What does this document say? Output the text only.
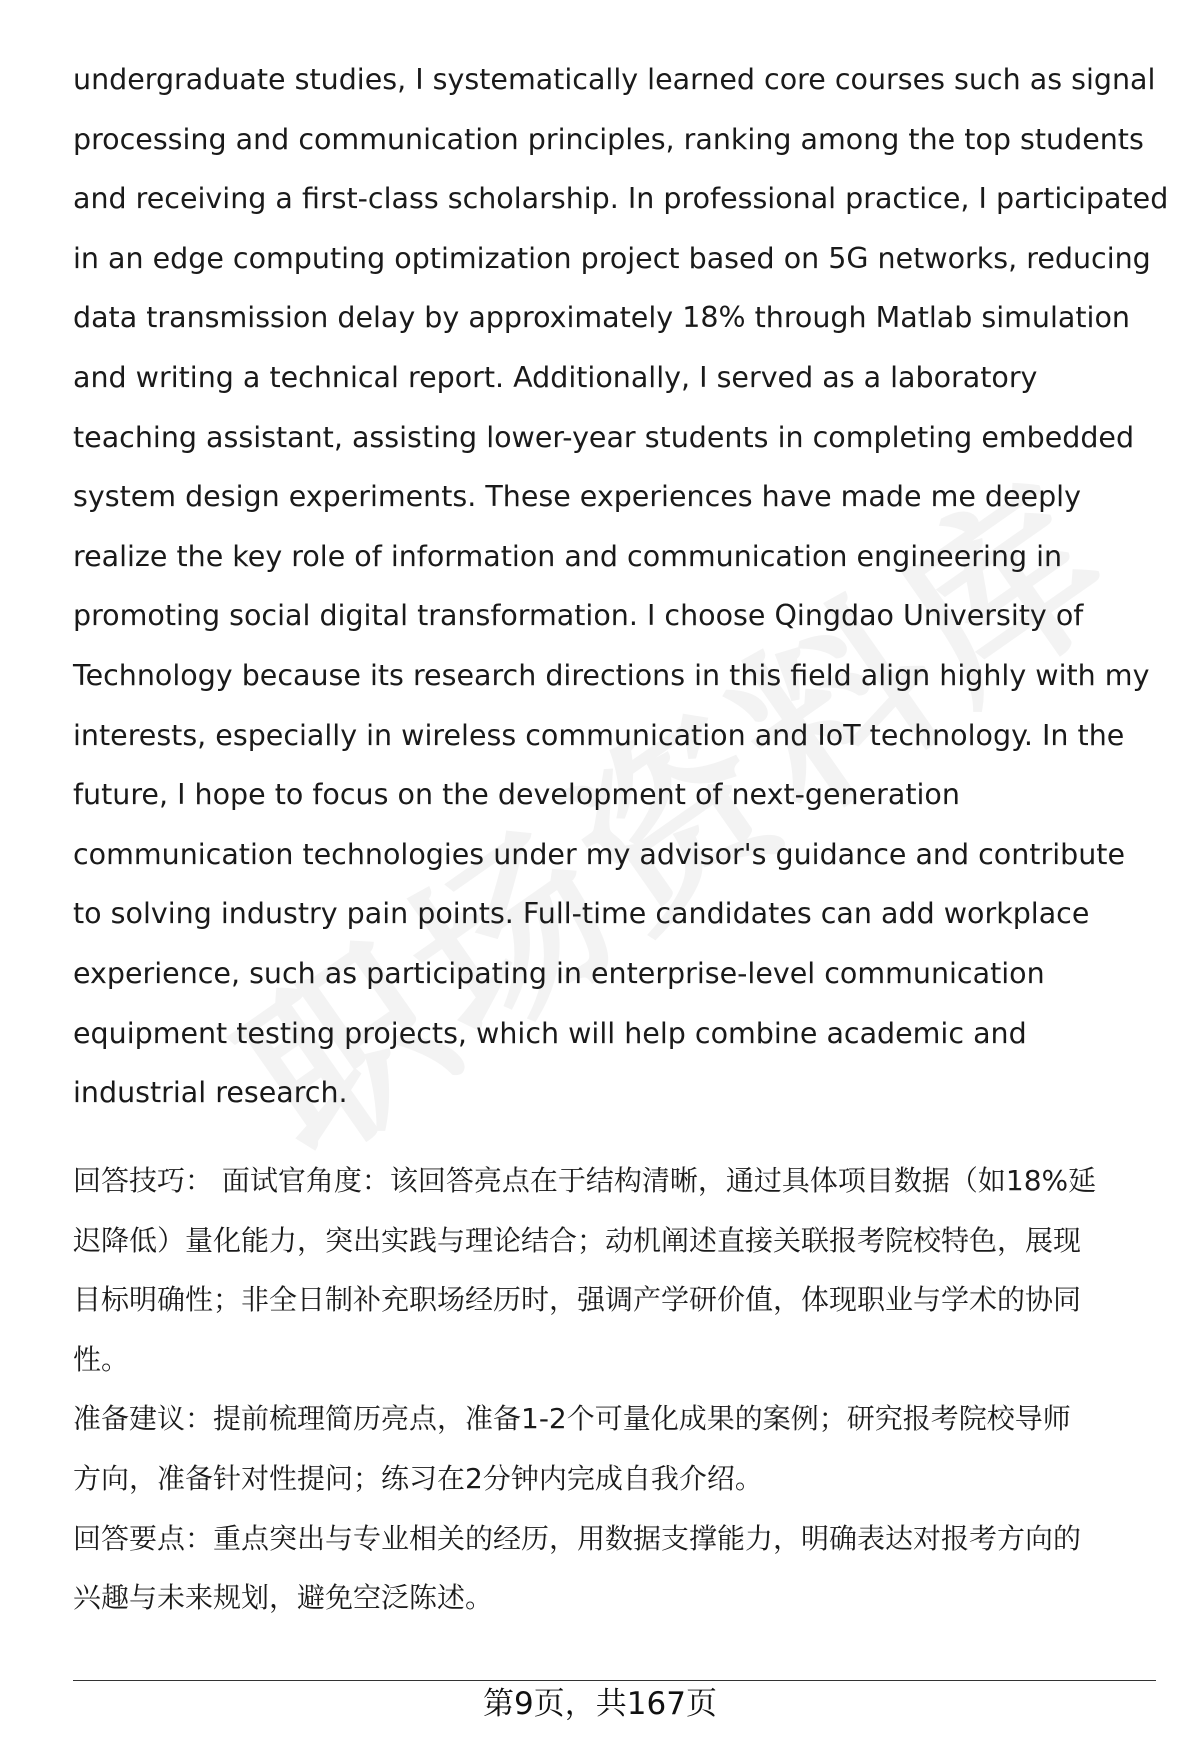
undergraduate studies, I systematically learned core courses such as signal
processing and communication principles, ranking among the top students
and receiving a first-class scholarship. In professional practice, I participated
in an edge computing optimization project based on 5G networks, reducing
data transmission delay by approximately 18% through Matlab simulation
and writing a technical report. Additionally, I served as a laboratory
teaching assistant, assisting lower-year students in completing embedded
system design experiments. These experiences have made me deeply
realize the key role of information and communication engineering in
promoting social digital transformation. I choose Qingdao University of
Technology because its research directions in this field align highly with my
interests, especially in wireless communication and IoT technology. In the
future, I hope to focus on the development of next-generation
communication technologies under my advisor's guidance and contribute
to solving industry pain points. Full-time candidates can add workplace
experience, such as participating in enterprise-level communication
equipment testing projects, which will help combine academic and
industrial research.
回答技巧： 面试官角度：该回答亮点在于结构清晰，通过具体项目数据（如18%延
迟降低）量化能力，突出实践与理论结合；动机阐述直接关联报考院校特色，展现
目标明确性；非全日制补充职场经历时，强调产学研价值，体现职业与学术的协同
性。
准备建议：提前梳理简历亮点，准备1-2个可量化成果的案例；研究报考院校导师
方向，准备针对性提问；练习在2分钟内完成自我介绍。
回答要点：重点突出与专业相关的经历，用数据支撑能力，明确表达对报考方向的
兴趣与未来规划，避免空泛陈述。
第9页，共167页
